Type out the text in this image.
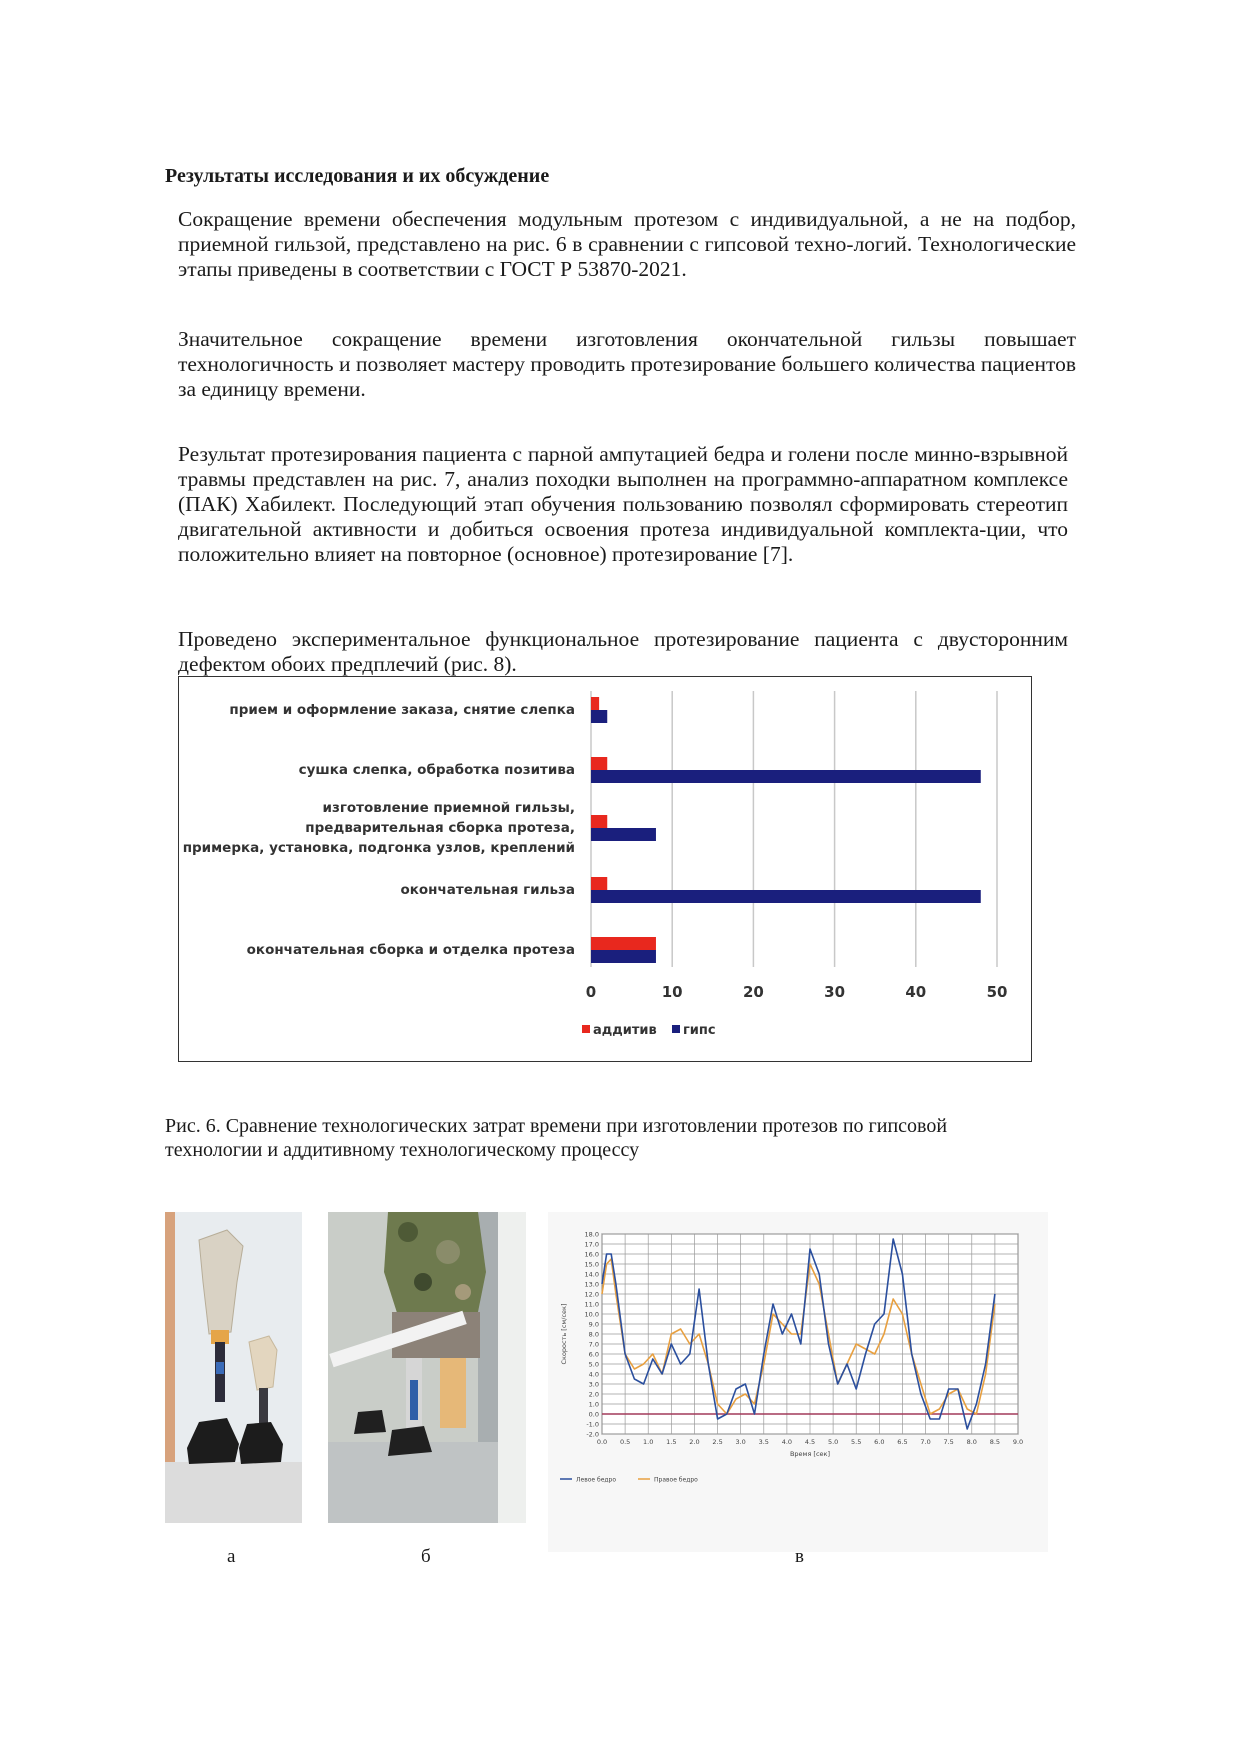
Результаты исследования и их обсуждение

Сокращение времени обеспечения модульным протезом с индивидуальной, а не на подбор, приемной гильзой, представлено на рис. 6 в сравнении с гипсовой техно-логий. Технологические этапы приведены в соответствии с ГОСТ Р 53870-2021.

Значительное сокращение времени изготовления окончательной гильзы повышает технологичность и позволяет мастеру проводить протезирование большего количества пациентов за единицу времени.

Результат протезирования пациента с парной ампутацией бедра и голени после минно-взрывной травмы представлен на рис. 7, анализ походки выполнен на программно-аппаратном комплексе (ПАК) Хабилект. Последующий этап обучения пользованию позволял сформировать стереотип двигательной активности и добиться освоения протеза индивидуальной комплекта-ции, что положительно влияет на повторное (основное) протезирование [7].

Проведено экспериментальное функциональное протезирование пациента с двусторонним дефектом обоих предплечий (рис. 8).

0	10	20	30	40	50
прием и оформление заказа, снятие слепка
сушка слепка, обработка позитива
изготовление приемной гильзы,
предварительная сборка протеза,
примерка, установка, подгонка узлов, креплений
окончательная гильза
окончательная сборка и отделка протеза
аддитив гипс

Рис. 6. Сравнение технологических затрат времени при изготовлении протезов по гипсовой технологии и аддитивному технологическому процессу

18.0
17.0
16.0
15.0
14.0
13.0
12.0
11.0
10.0
9.0
8.0
7.0
6.0
5.0
4.0
3.0
2.0
1.0
0.0
-1.0
-2.0
0.0 0.5 1.0 1.5 2.0 2.5 3.0 3.5 4.0 4.5 5.0 5.5 6.0 6.5 7.0 7.5 8.0 8.5 9.0
Время [сек]
Скорость [см/сек]
Левое бедро	Правое бедро
а	б	в
